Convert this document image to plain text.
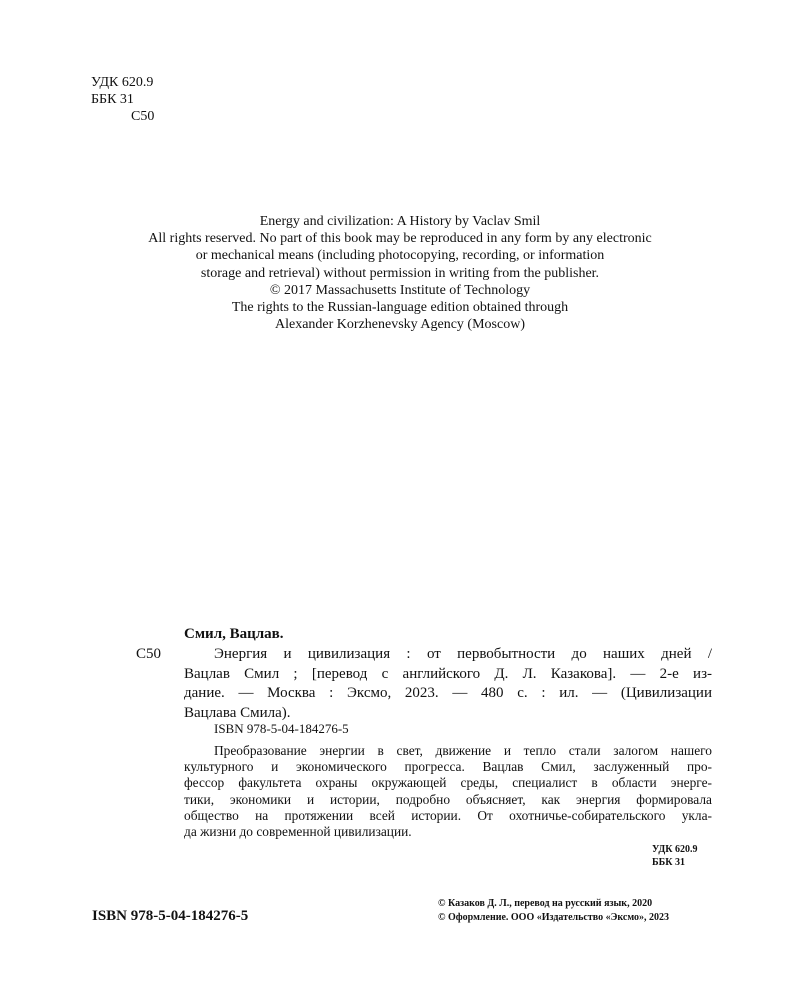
УДК 620.9
ББК 31
С50
Energy and civilization: A History by Vaclav Smil
All rights reserved. No part of this book may be reproduced in any form by any electronic
or mechanical means (including photocopying, recording, or information
storage and retrieval) without permission in writing from the publisher.
© 2017 Massachusetts Institute of Technology
The rights to the Russian-language edition obtained through
Alexander Korzhenevsky Agency (Moscow)
Смил, Вацлав.
С50	Энергия и цивилизация : от первобытности до наших дней /
Вацлав Смил ; [перевод с английского Д. Л. Казакова]. — 2-е из-
дание. — Москва : Эксмо, 2023. — 480 с. : ил. — (Цивилизации
Вацлава Смила).
ISBN 978-5-04-184276-5
Преобразование энергии в свет, движение и тепло стали залогом нашего
культурного и экономического прогресса. Вацлав Смил, заслуженный про-
фессор факультета охраны окружающей среды, специалист в области энерге-
тики, экономики и истории, подробно объясняет, как энергия формировала
общество на протяжении всей истории. От охотничье-собирательского укла-
да жизни до современной цивилизации.
УДК 620.9
ББК 31
ISBN 978-5-04-184276-5
© Казаков Д. Л., перевод на русский язык, 2020
© Оформление. ООО «Издательство «Эксмо», 2023
